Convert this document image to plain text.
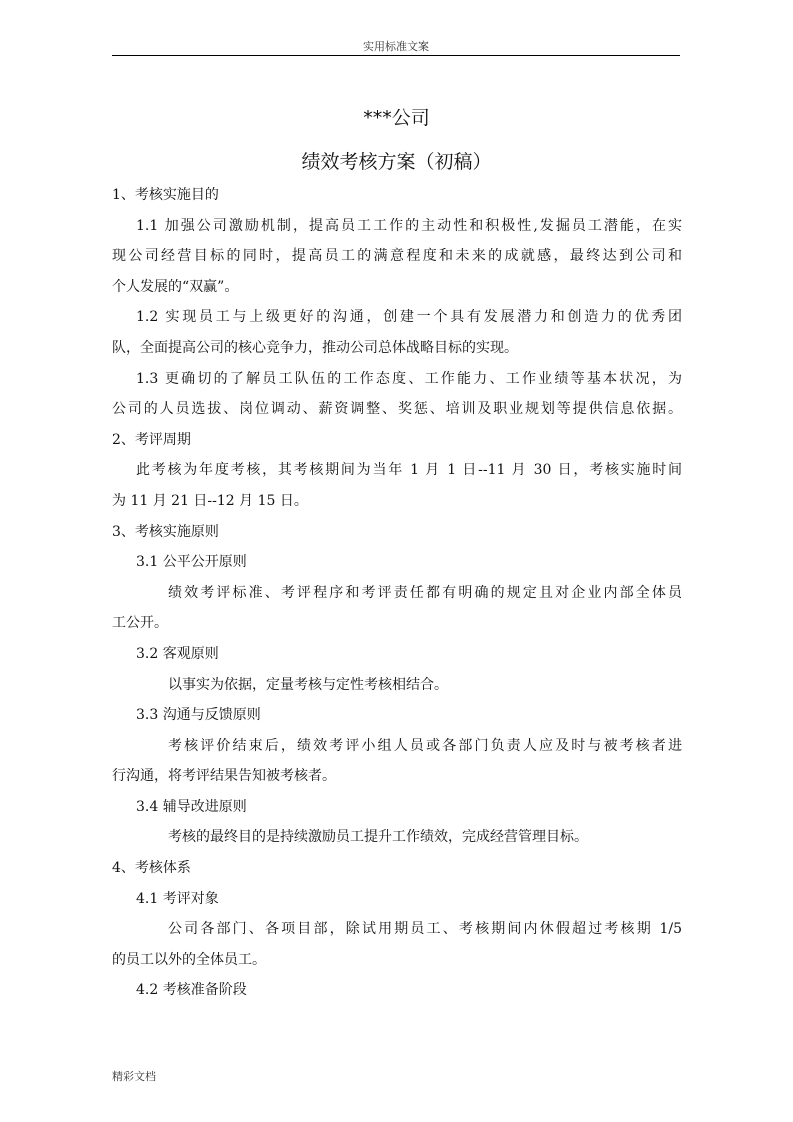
实用标准文案
***公司
绩效考核方案（初稿）
1、考核实施目的
1.1 加强公司激励机制，提高员工工作的主动性和积极性,发掘员工潜能，在实
现公司经营目标的同时，提高员工的满意程度和未来的成就感，最终达到公司和
个人发展的“双赢”。
1.2 实现员工与上级更好的沟通，创建一个具有发展潜力和创造力的优秀团
队，全面提高公司的核心竞争力，推动公司总体战略目标的实现。
1.3 更确切的了解员工队伍的工作态度、工作能力、工作业绩等基本状况，为
公司的人员选拔、岗位调动、薪资调整、奖惩、培训及职业规划等提供信息依据。
2、考评周期
此考核为年度考核，其考核期间为当年 1 月 1 日--11 月 30 日，考核实施时间
为 11 月 21 日--12 月 15 日。
3、考核实施原则
3.1 公平公开原则
绩效考评标准、考评程序和考评责任都有明确的规定且对企业内部全体员
工公开。
3.2 客观原则
以事实为依据，定量考核与定性考核相结合。
3.3 沟通与反馈原则
考核评价结束后，绩效考评小组人员或各部门负责人应及时与被考核者进
行沟通，将考评结果告知被考核者。
3.4 辅导改进原则
考核的最终目的是持续激励员工提升工作绩效，完成经营管理目标。
4、考核体系
4.1 考评对象
公司各部门、各项目部，除试用期员工、考核期间内休假超过考核期 1/5
的员工以外的全体员工。
4.2 考核准备阶段
精彩文档
